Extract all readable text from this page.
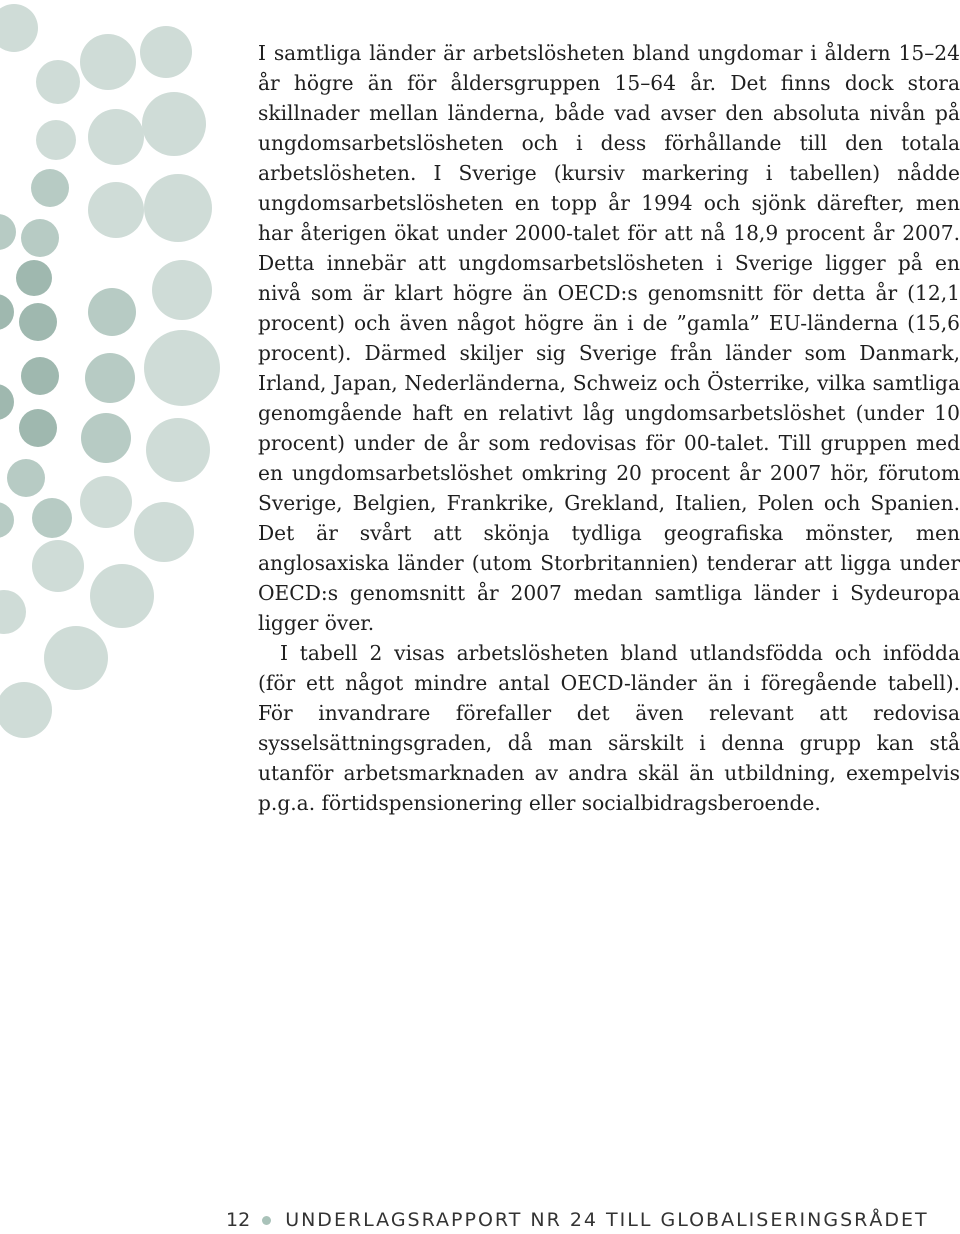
I samtliga länder är arbetslösheten bland ungdomar i åldern 15–24 år högre än för åldersgruppen 15–64 år. Det finns dock stora skillnader mellan länderna, både vad avser den absoluta nivån på ungdomsarbetslösheten och i dess förhållande till den totala arbetslösheten. I Sverige (kursiv markering i tabellen) nådde ungdomsarbetslösheten en topp år 1994 och sjönk därefter, men har återigen ökat under 2000-talet för att nå 18,9 procent år 2007. Detta innebär att ungdomsarbetslösheten i Sverige ligger på en nivå som är klart högre än OECD:s genomsnitt för detta år (12,1 procent) och även något högre än i de ”gamla” EU-länderna (15,6 procent). Därmed skiljer sig Sverige från länder som Danmark, Irland, Japan, Nederländerna, Schweiz och Österrike, vilka samtliga genomgående haft en relativt låg ungdomsarbetslöshet (under 10 procent) under de år som redovisas för 00-talet. Till gruppen med en ungdomsarbetslöshet omkring 20 procent år 2007 hör, förutom Sverige, Belgien, Frankrike, Grekland, Italien, Polen och Spanien. Det är svårt att skönja tydliga geografiska mönster, men anglosaxiska länder (utom Storbritannien) tenderar att ligga under OECD:s genomsnitt år 2007 medan samtliga länder i Sydeuropa ligger över.

I tabell 2 visas arbetslösheten bland utlandsfödda och infödda (för ett något mindre antal OECD-länder än i föregående tabell). För invandrare förefaller det även relevant att redovisa sysselsättningsgraden, då man särskilt i denna grupp kan stå utanför arbetsmarknaden av andra skäl än utbildning, exempelvis p.g.a. förtidspensionering eller socialbidragsberoende.

12 UNDERLAGSRAPPORT NR 24 TILL GLOBALISERINGSRÅDET
